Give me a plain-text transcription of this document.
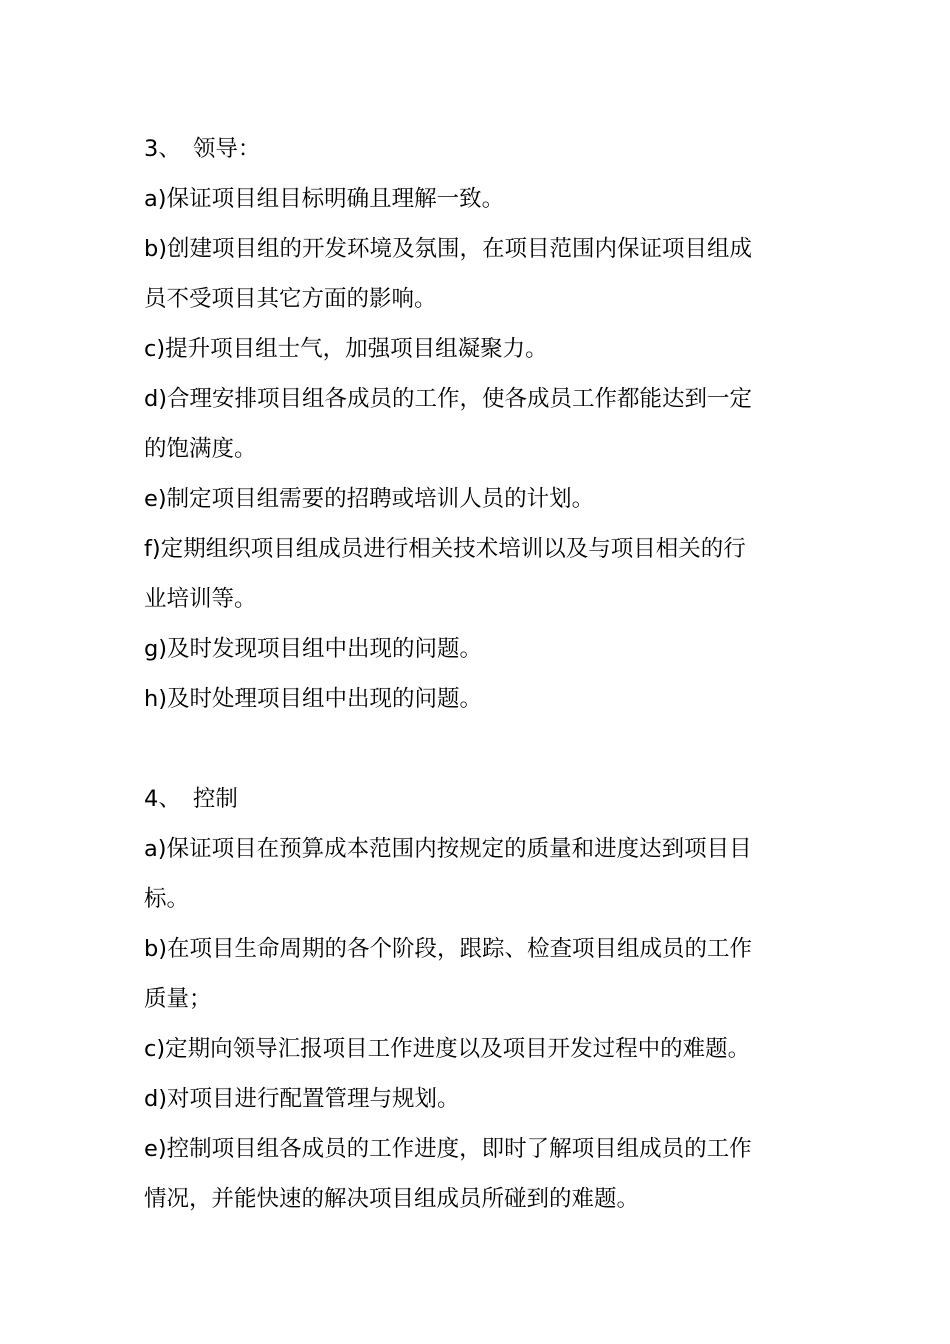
3、 领导：
a)保证项目组目标明确且理解一致。
b)创建项目组的开发环境及氛围，在项目范围内保证项目组成
员不受项目其它方面的影响。
c)提升项目组士气，加强项目组凝聚力。
d)合理安排项目组各成员的工作，使各成员工作都能达到一定
的饱满度。
e)制定项目组需要的招聘或培训人员的计划。
f)定期组织项目组成员进行相关技术培训以及与项目相关的行
业培训等。
g)及时发现项目组中出现的问题。
h)及时处理项目组中出现的问题。
4、 控制
a)保证项目在预算成本范围内按规定的质量和进度达到项目目
标。
b)在项目生命周期的各个阶段，跟踪、检查项目组成员的工作
质量；
c)定期向领导汇报项目工作进度以及项目开发过程中的难题。
d)对项目进行配置管理与规划。
e)控制项目组各成员的工作进度，即时了解项目组成员的工作
情况，并能快速的解决项目组成员所碰到的难题。
